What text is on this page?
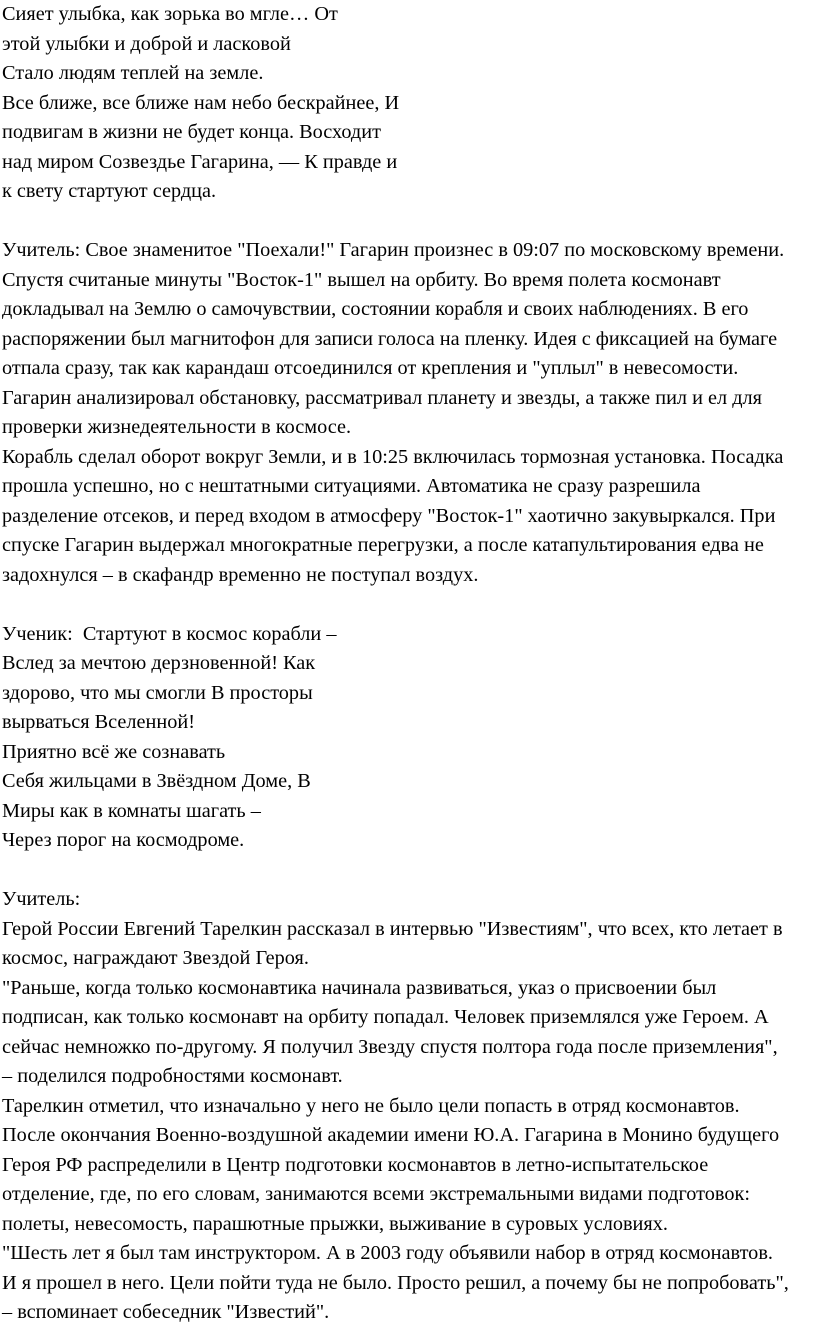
Сияет улыбка, как зорька во мгле… От
этой улыбки и доброй и ласковой
Стало людям теплей на земле.
Все ближе, все ближе нам небо бескрайнее, И
подвигам в жизни не будет конца. Восходит
над миром Созвездье Гагарина, — К правде и
к свету стартуют сердца.
Учитель: Свое знаменитое "Поехали!" Гагарин произнес в 09:07 по московскому времени.
Спустя считаные минуты "Восток-1" вышел на орбиту. Во время полета космонавт
докладывал на Землю о самочувствии, состоянии корабля и своих наблюдениях. В его
распоряжении был магнитофон для записи голоса на пленку. Идея с фиксацией на бумаге
отпала сразу, так как карандаш отсоединился от крепления и "уплыл" в невесомости.
Гагарин анализировал обстановку, рассматривал планету и звезды, а также пил и ел для
проверки жизнедеятельности в космосе.
Корабль сделал оборот вокруг Земли, и в 10:25 включилась тормозная установка. Посадка
прошла успешно, но с нештатными ситуациями. Автоматика не сразу разрешила
разделение отсеков, и перед входом в атмосферу "Восток-1" хаотично закувыркался. При
спуске Гагарин выдержал многократные перегрузки, а после катапультирования едва не
задохнулся – в скафандр временно не поступал воздух.
Ученик:  Стартуют в космос корабли –
Вслед за мечтою дерзновенной! Как
здорово, что мы смогли В просторы
вырваться Вселенной!
Приятно всё же сознавать
Себя жильцами в Звёздном Доме, В
Миры как в комнаты шагать –
Через порог на космодроме.
Учитель:
Герой России Евгений Тарелкин рассказал в интервью "Известиям", что всех, кто летает в
космос, награждают Звездой Героя.
"Раньше, когда только космонавтика начинала развиваться, указ о присвоении был
подписан, как только космонавт на орбиту попадал. Человек приземлялся уже Героем. А
сейчас немножко по-другому. Я получил Звезду спустя полтора года после приземления",
– поделился подробностями космонавт.
Тарелкин отметил, что изначально у него не было цели попасть в отряд космонавтов.
После окончания Военно-воздушной академии имени Ю.А. Гагарина в Монино будущего
Героя РФ распределили в Центр подготовки космонавтов в летно-испытательское
отделение, где, по его словам, занимаются всеми экстремальными видами подготовок:
полеты, невесомость, парашютные прыжки, выживание в суровых условиях.
"Шесть лет я был там инструктором. А в 2003 году объявили набор в отряд космонавтов.
И я прошел в него. Цели пойти туда не было. Просто решил, а почему бы не попробовать",
– вспоминает собеседник "Известий".
